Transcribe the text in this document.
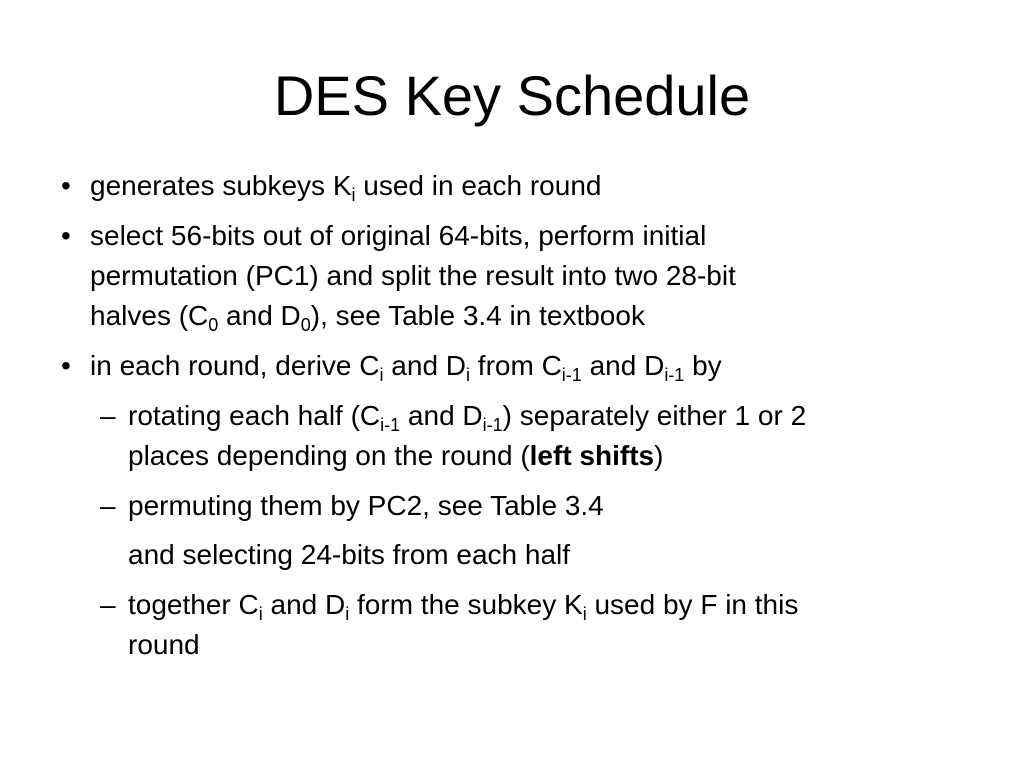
DES Key Schedule
• generates subkeys $K_i$ used in each round
• select 56-bits out of original 64-bits, perform initial
permutation (PC1) and split the result into two 28-bit
halves ($C_0$ and $D_0$), see Table 3.4 in textbook
• in each round, derive $C_i$ and $D_i$ from $C_{i-1}$ and $D_{i-1}$ by
– rotating each half ($C_{i-1}$ and $D_{i-1}$) separately either 1 or 2
places depending on the round (left shifts)
– permuting them by PC2, see Table 3.4
and selecting 24-bits from each half
– together $C_i$ and $D_i$ form the subkey $K_i$ used by F in this
round
